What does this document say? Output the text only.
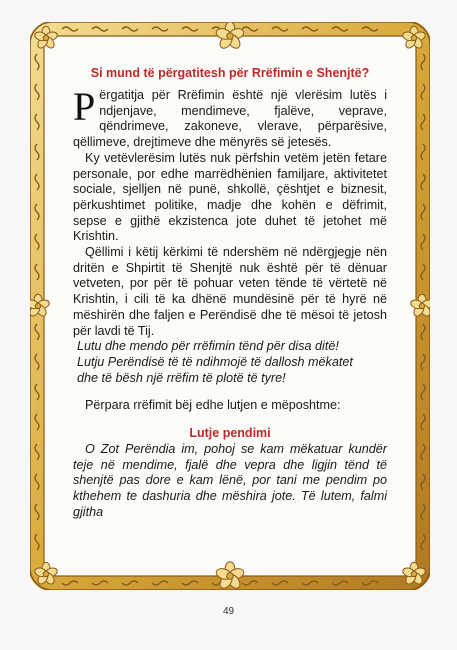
Si mund të përgatitesh për Rrëfimin e Shenjtë?

Përgatitja për Rrëfimin është një vlerësim lutës i ndjenjave, mendimeve, fjalëve, veprave, qëndrimeve, zakoneve, vlerave, përparësive, qëllimeve, drejtimeve dhe mënyrës së jetesës.

Ky vetëvlerësim lutës nuk përfshin vetëm jetën fetare personale, por edhe marrëdhënien familjare, aktivitetet sociale, sjelljen në punë, shkollë, çështjet e biznesit, përkushtimet politike, madje dhe kohën e dëfrimit, sepse e gjithë ekzistenca jote duhet të jetohet më Krishtin.

Qëllimi i këtij kërkimi të ndershëm në ndërgjegje nën dritën e Shpirtit të Shenjtë nuk është për të dënuar vetveten, por për të pohuar veten tënde të vërtetë në Krishtin, i cili të ka dhënë mundësinë për të hyrë në mëshirën dhe faljen e Perëndisë dhe të mësoi të jetosh për lavdi të Tij.

Lutu dhe mendo për rrëfimin tënd për disa ditë!
Lutju Perëndisë të të ndihmojë të dallosh mëkatet
dhe të bësh një rrëfim të plotë të tyre!

Përpara rrëfimit bëj edhe lutjen e mëposhtme:

Lutje pendimi

O Zot Perëndia im, pohoj se kam mëkatuar kundër teje në mendime, fjalë dhe vepra dhe ligjin tënd të shenjtë pas dore e kam lënë, por tani me pendim po kthehem te dashuria dhe mëshira jote. Të lutem, falmi gjitha

49
